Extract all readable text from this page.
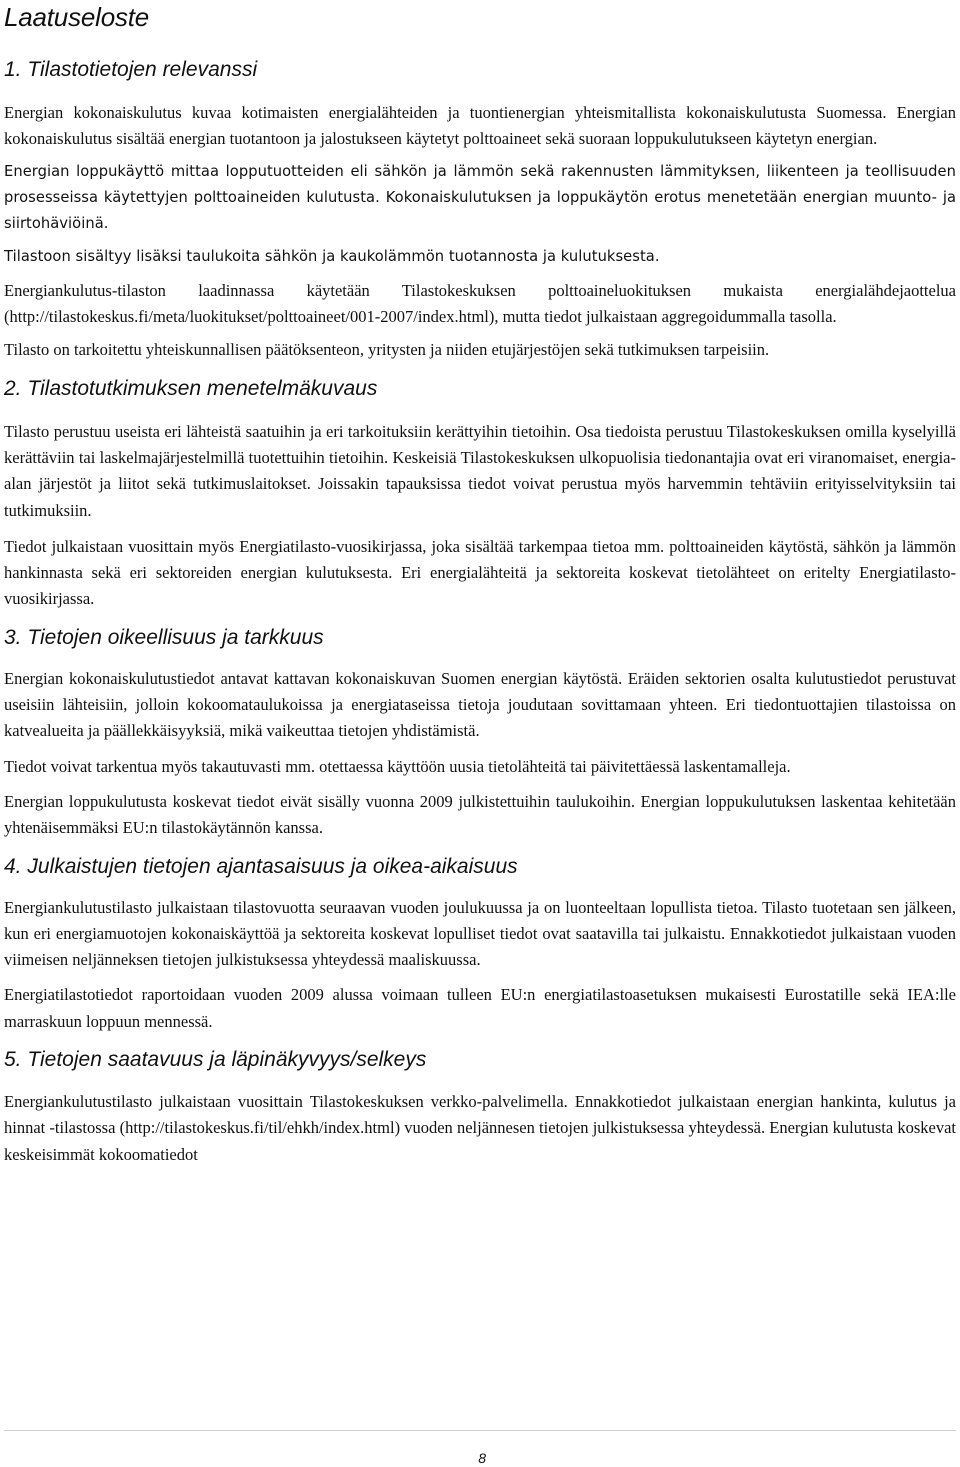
Laatuseloste
1. Tilastotietojen relevanssi

Energian kokonaiskulutus kuvaa kotimaisten energialähteiden ja tuontienergian yhteismitallista kokonaiskulutusta Suomessa. Energian kokonaiskulutus sisältää energian tuotantoon ja jalostukseen käytetyt polttoaineet sekä suoraan loppukulutukseen käytetyn energian.

Energian loppukäyttö mittaa lopputuotteiden eli sähkön ja lämmön sekä rakennusten lämmityksen, liikenteen ja teollisuuden prosesseissa käytettyjen polttoaineiden kulutusta. Kokonaiskulutuksen ja loppukäytön erotus menetetään energian muunto- ja siirtohäviöinä.

Tilastoon sisältyy lisäksi taulukoita sähkön ja kaukolämmön tuotannosta ja kulutuksesta.

Energiankulutus-tilaston laadinnassa käytetään Tilastokeskuksen polttoaineluokituksen mukaista energialähdejaottelua (http://tilastokeskus.fi/meta/luokitukset/polttoaineet/001-2007/index.html), mutta tiedot julkaistaan aggregoidummalla tasolla.

Tilasto on tarkoitettu yhteiskunnallisen päätöksenteon, yritysten ja niiden etujärjestöjen sekä tutkimuksen tarpeisiin.

2. Tilastotutkimuksen menetelmäkuvaus

Tilasto perustuu useista eri lähteistä saatuihin ja eri tarkoituksiin kerättyihin tietoihin. Osa tiedoista perustuu Tilastokeskuksen omilla kyselyillä kerättäviin tai laskelmajärjestelmillä tuotettuihin tietoihin. Keskeisiä Tilastokeskuksen ulkopuolisia tiedonantajia ovat eri viranomaiset, energia-alan järjestöt ja liitot sekä tutkimuslaitokset. Joissakin tapauksissa tiedot voivat perustua myös harvemmin tehtäviin erityisselvityksiin tai tutkimuksiin.

Tiedot julkaistaan vuosittain myös Energiatilasto-vuosikirjassa, joka sisältää tarkempaa tietoa mm. polttoaineiden käytöstä, sähkön ja lämmön hankinnasta sekä eri sektoreiden energian kulutuksesta. Eri energialähteitä ja sektoreita koskevat tietolähteet on eritelty Energiatilasto-vuosikirjassa.

3. Tietojen oikeellisuus ja tarkkuus

Energian kokonaiskulutustiedot antavat kattavan kokonaiskuvan Suomen energian käytöstä. Eräiden sektorien osalta kulutustiedot perustuvat useisiin lähteisiin, jolloin kokoomataulukoissa ja energiataseissa tietoja joudutaan sovittamaan yhteen. Eri tiedontuottajien tilastoissa on katvealueita ja päällekkäisyyksiä, mikä vaikeuttaa tietojen yhdistämistä.

Tiedot voivat tarkentua myös takautuvasti mm. otettaessa käyttöön uusia tietolähteitä tai päivitettäessä laskentamalleja.

Energian loppukulutusta koskevat tiedot eivät sisälly vuonna 2009 julkistettuihin taulukoihin. Energian loppukulutuksen laskentaa kehitetään yhtenäisemmäksi EU:n tilastokäytännön kanssa.

4. Julkaistujen tietojen ajantasaisuus ja oikea-aikaisuus

Energiankulutustilasto julkaistaan tilastovuotta seuraavan vuoden joulukuussa ja on luonteeltaan lopullista tietoa. Tilasto tuotetaan sen jälkeen, kun eri energiamuotojen kokonaiskäyttöä ja sektoreita koskevat lopulliset tiedot ovat saatavilla tai julkaistu. Ennakkotiedot julkaistaan vuoden viimeisen neljänneksen tietojen julkistuksessa yhteydessä maaliskuussa.

Energiatilastotiedot raportoidaan vuoden 2009 alussa voimaan tulleen EU:n energiatilastoasetuksen mukaisesti Eurostatille sekä IEA:lle marraskuun loppuun mennessä.

5. Tietojen saatavuus ja läpinäkyvyys/selkeys

Energiankulutustilasto julkaistaan vuosittain Tilastokeskuksen verkko-palvelimella. Ennakkotiedot julkaistaan energian hankinta, kulutus ja hinnat -tilastossa (http://tilastokeskus.fi/til/ehkh/index.html) vuoden neljännesen tietojen julkistuksessa yhteydessä. Energian kulutusta koskevat keskeisimmät kokoomatiedot

8
